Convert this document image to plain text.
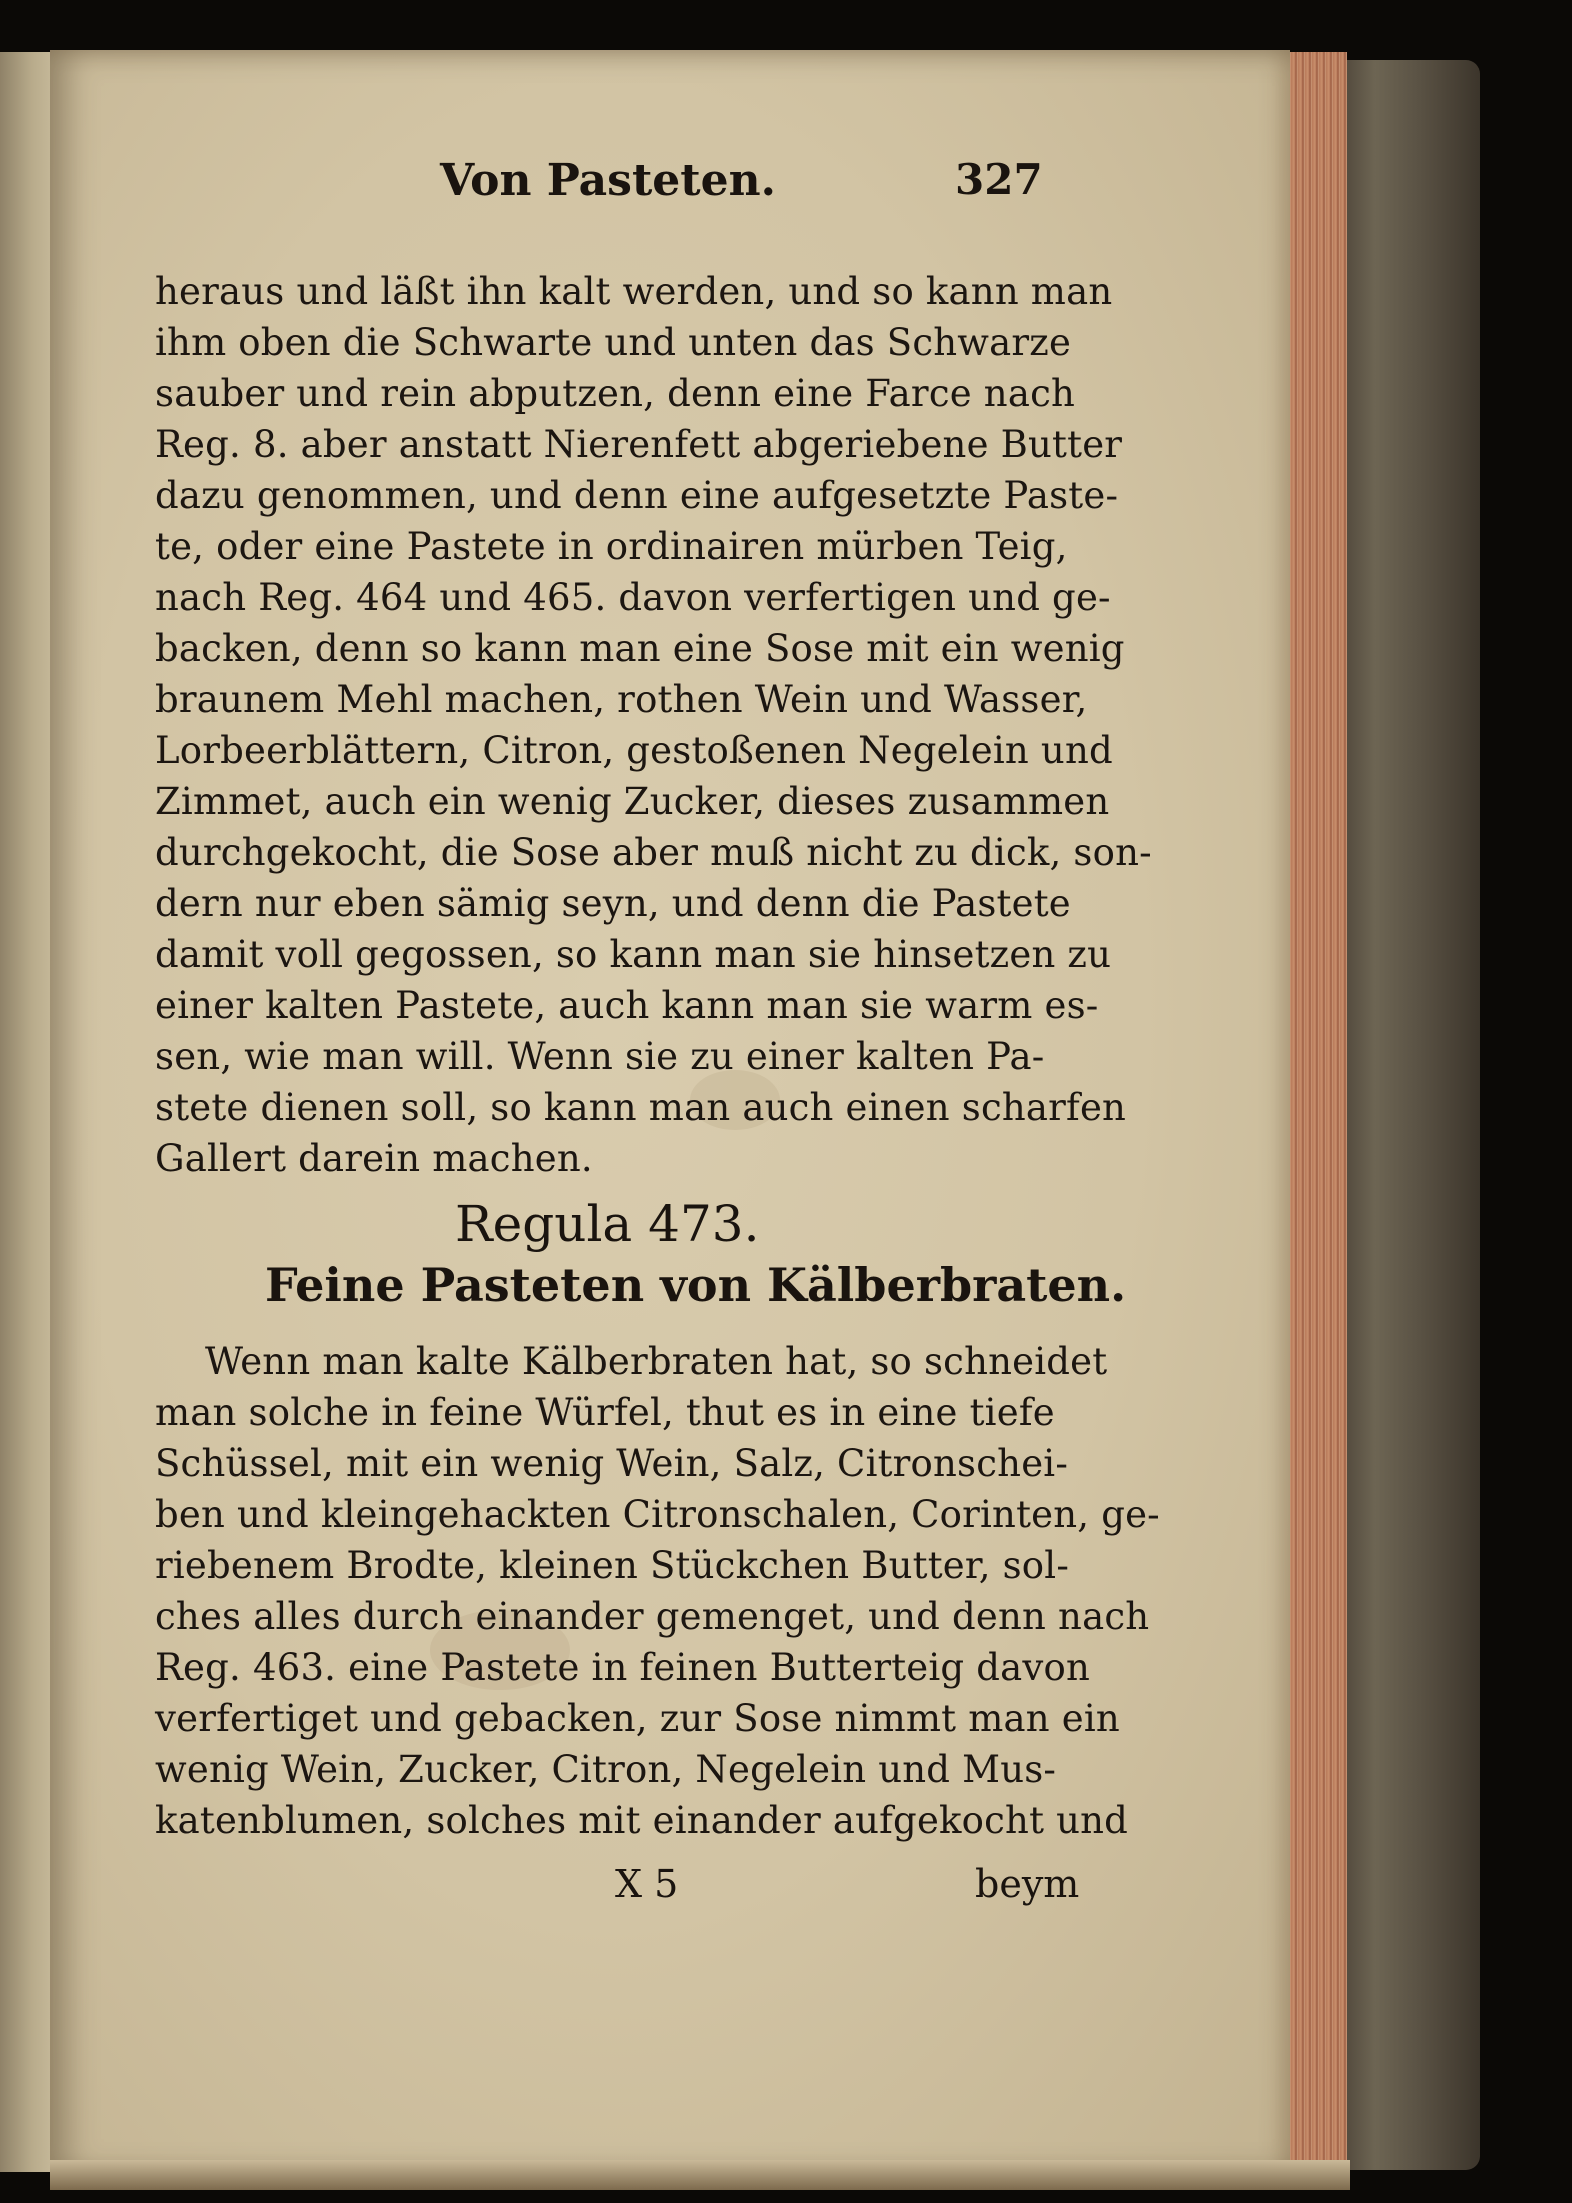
Von Pasteten.	327
heraus und läßt ihn kalt werden, und so kann man
ihm oben die Schwarte und unten das Schwarze
sauber und rein abputzen, denn eine Farce nach
Reg. 8. aber anstatt Nierenfett abgeriebene Butter
dazu genommen, und denn eine aufgesetzte Paste-
te, oder eine Pastete in ordinairen mürben Teig,
nach Reg. 464 und 465. davon verfertigen und ge-
backen, denn so kann man eine Sose mit ein wenig
braunem Mehl machen, rothen Wein und Wasser,
Lorbeerblättern, Citron, gestoßenen Negelein und
Zimmet, auch ein wenig Zucker, dieses zusammen
durchgekocht, die Sose aber muß nicht zu dick, son-
dern nur eben sämig seyn, und denn die Pastete
damit voll gegossen, so kann man sie hinsetzen zu
einer kalten Pastete, auch kann man sie warm es-
sen, wie man will. Wenn sie zu einer kalten Pa-
stete dienen soll, so kann man auch einen scharfen
Gallert darein machen.
Regula 473.
Feine Pasteten von Kälberbraten.
Wenn man kalte Kälberbraten hat, so schneidet
man solche in feine Würfel, thut es in eine tiefe
Schüssel, mit ein wenig Wein, Salz, Citronschei-
ben und kleingehackten Citronschalen, Corinten, ge-
riebenem Brodte, kleinen Stückchen Butter, sol-
ches alles durch einander gemenget, und denn nach
Reg. 463. eine Pastete in feinen Butterteig davon
verfertiget und gebacken, zur Sose nimmt man ein
wenig Wein, Zucker, Citron, Negelein und Mus-
katenblumen, solches mit einander aufgekocht und
X 5	beym
